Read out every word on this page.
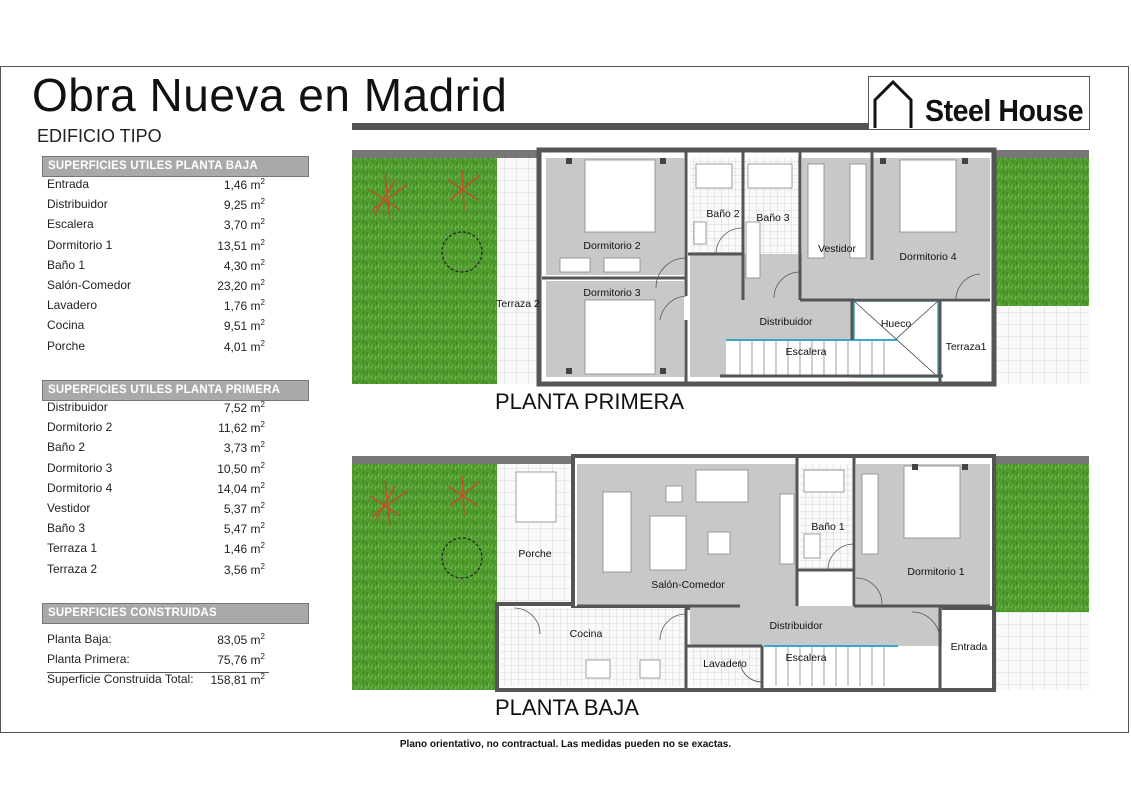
Obra Nueva en Madrid
EDIFICIO TIPO
Steel House
SUPERFICIES UTILES PLANTA BAJA
Entrada	1,46 $m^2$
Distribuidor	9,25 $m^2$
Escalera	3,70 $m^2$
Dormitorio 1	13,51 $m^2$
Baño 1	4,30 $m^2$
Salón-Comedor	23,20 $m^2$
Lavadero	1,76 $m^2$
Cocina	9,51 $m^2$
Porche	4,01 $m^2$
SUPERFICIES UTILES PLANTA PRIMERA
Distribuidor	7,52 $m^2$
Dormitorio 2	11,62 $m^2$
Baño 2	3,73 $m^2$
Dormitorio 3	10,50 $m^2$
Dormitorio 4	14,04 $m^2$
Vestidor	5,37 $m^2$
Baño 3	5,47 $m^2$
Terraza 1	1,46 $m^2$
Terraza 2	3,56 $m^2$
SUPERFICIES CONSTRUIDAS
Planta Baja:	83,05 $m^2$
Planta Primera:	75,76 $m^2$
Superficie Construida Total: 158,81 $m^2$
Dormitorio 2
Dormitorio 3
Dormitorio 4
Baño 2 Baño 3
Vestidor
Distribuidor	Hueco
Escalera
Terraza 2
Terraza1
Porche
Salón-Comedor
Baño 1
Dormitorio 1
Cocina
Distribuidor
Lavadero	Escalera
Entrada
PLANTA PRIMERA
PLANTA BAJA
Plano orientativo, no contractual. Las medidas pueden no se exactas.
